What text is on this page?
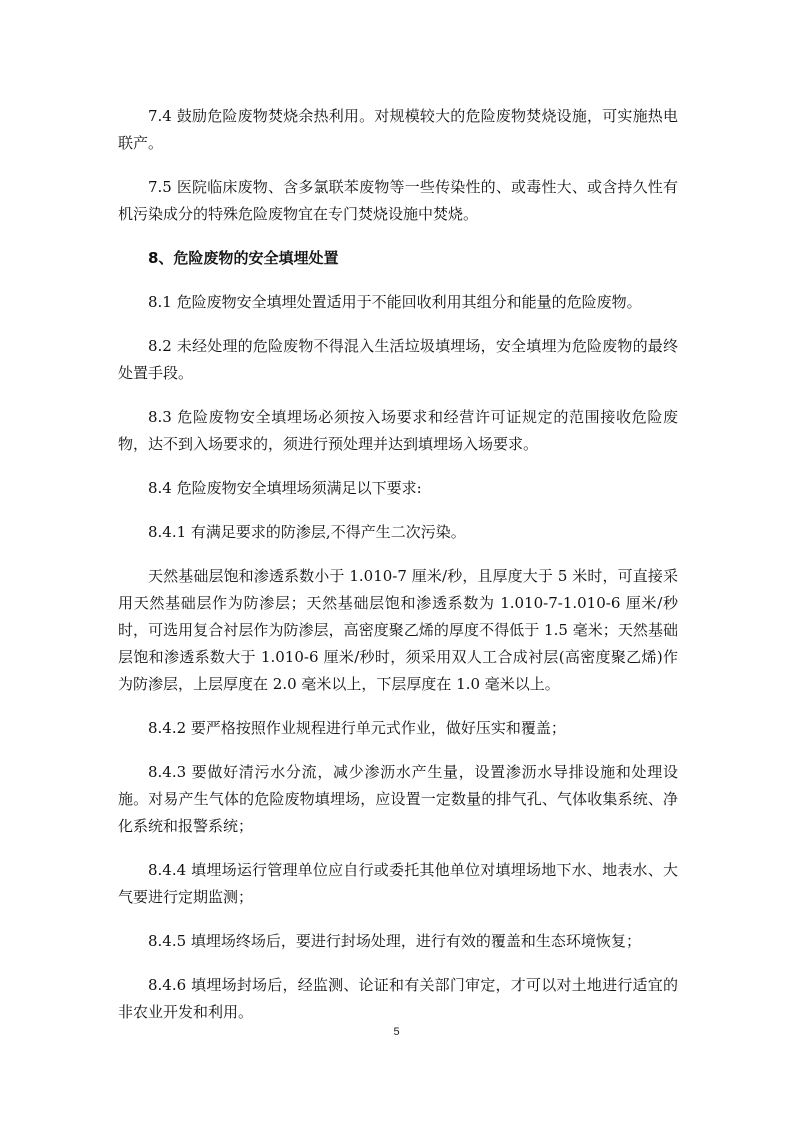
7.4 鼓励危险废物焚烧余热利用。对规模较大的危险废物焚烧设施，可实施热电联产。

7.5 医院临床废物、含多氯联苯废物等一些传染性的、或毒性大、或含持久性有机污染成分的特殊危险废物宜在专门焚烧设施中焚烧。

8、危险废物的安全填埋处置

8.1 危险废物安全填埋处置适用于不能回收利用其组分和能量的危险废物。

8.2 未经处理的危险废物不得混入生活垃圾填埋场，安全填埋为危险废物的最终处置手段。

8.3 危险废物安全填埋场必须按入场要求和经营许可证规定的范围接收危险废物，达不到入场要求的，须进行预处理并达到填埋场入场要求。

8.4 危险废物安全填埋场须满足以下要求:

8.4.1 有满足要求的防渗层,不得产生二次污染。

天然基础层饱和渗透系数小于 1.010-7 厘米/秒，且厚度大于 5 米时，可直接采用天然基础层作为防渗层；天然基础层饱和渗透系数为 1.010-7-1.010-6 厘米/秒时，可选用复合衬层作为防渗层，高密度聚乙烯的厚度不得低于 1.5 毫米；天然基础层饱和渗透系数大于 1.010-6 厘米/秒时，须采用双人工合成衬层(高密度聚乙烯)作为防渗层，上层厚度在 2.0 毫米以上，下层厚度在 1.0 毫米以上。

8.4.2 要严格按照作业规程进行单元式作业，做好压实和覆盖；

8.4.3 要做好清污水分流，减少渗沥水产生量，设置渗沥水导排设施和处理设施。对易产生气体的危险废物填埋场，应设置一定数量的排气孔、气体收集系统、净化系统和报警系统；

8.4.4 填埋场运行管理单位应自行或委托其他单位对填埋场地下水、地表水、大气要进行定期监测；

8.4.5 填埋场终场后，要进行封场处理，进行有效的覆盖和生态环境恢复；

8.4.6 填埋场封场后，经监测、论证和有关部门审定，才可以对土地进行适宜的非农业开发和利用。

5
